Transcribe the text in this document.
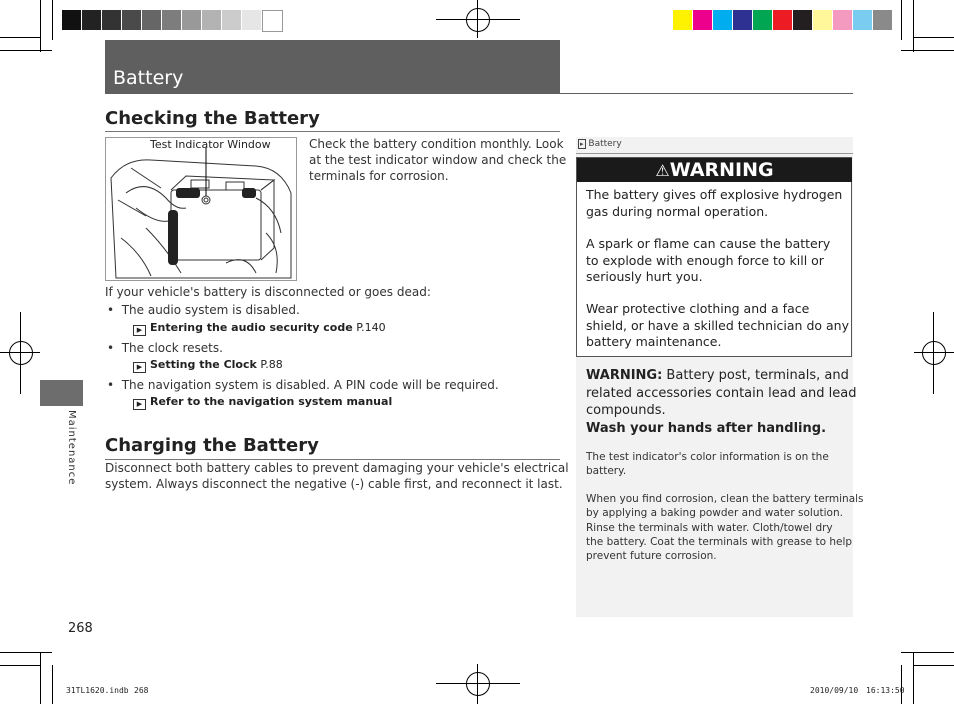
Battery
Checking the Battery
Test Indicator Window	Check the battery condition monthly. Look
at the test indicator window and check the
terminals for corrosion.
If your vehicle's battery is disconnected or goes dead:
•  The audio system is disabled.
▶ Entering the audio security code P.140
•  The clock resets.
▶ Setting the Clock P.88
•  The navigation system is disabled. A PIN code will be required.
▶ Refer to the navigation system manual
Charging the Battery
Disconnect both battery cables to prevent damaging your vehicle's electrical
system. Always disconnect the negative (-) cable first, and reconnect it last.
▸ Battery
⚠WARNING
The battery gives off explosive hydrogen
gas during normal operation.
A spark or flame can cause the battery
to explode with enough force to kill or
seriously hurt you.
Wear protective clothing and a face
shield, or have a skilled technician do any
battery maintenance.
WARNING: Battery post, terminals, and
related accessories contain lead and lead
compounds.
Wash your hands after handling.
The test indicator's color information is on the
battery.
When you find corrosion, clean the battery terminals
by applying a baking powder and water solution.
Rinse the terminals with water. Cloth/towel dry
the battery. Coat the terminals with grease to help
prevent future corrosion.
Maintenance
268
31TL1620.indb 268	2010/09/10 16:13:50
